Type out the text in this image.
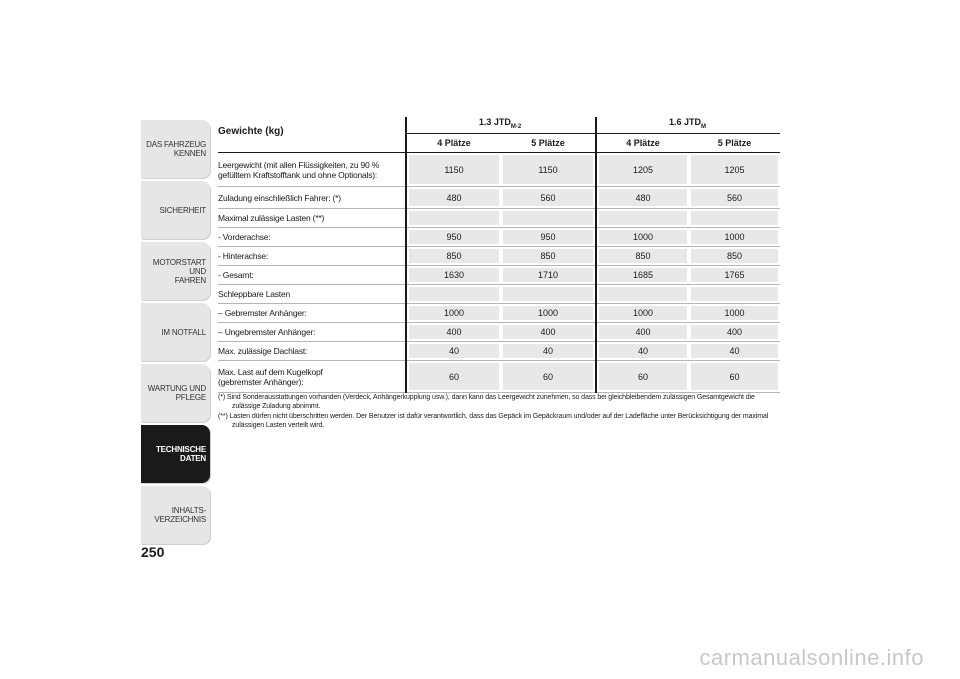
DAS FAHRZEUG
KENNEN
SICHERHEIT
MOTORSTART UND
FAHREN
IM NOTFALL
WARTUNG UND
PFLEGE
TECHNISCHE
DATEN
INHALTS-
VERZEICHNIS
250
Gewichte (kg)
1.3 $JTD_{M-2}$	1.6 $JTD_M$
4 Plätze	5 Plätze	4 Plätze	5 Plätze
Leergewicht (mit allen Flüssigkeiten, zu 90 %
gefülltem Kraftstofftank und ohne Optionals):	1150	1150	1205	1205
Zuladung einschließlich Fahrer: (*)	480	560	480	560
Maximal zulässige Lasten (**)
- Vorderachse:	950	950	1000	1000
- Hinterachse:	850	850	850	850
- Gesamt:	1630	1710	1685	1765
Schleppbare Lasten
– Gebremster Anhänger:	1000	1000	1000	1000
– Ungebremster Anhänger:	400	400	400	400
Max. zulässige Dachlast:	40	40	40	40
Max. Last auf dem Kugelkopf
(gebremster Anhänger):	60	60	60	60
(*) Sind Sonderausstattungen vorhanden (Verdeck, Anhängerkupplung usw.), dann kann das Leergewicht zunehmen, so dass bei gleichbleibendem zulässigen Gesamtgewicht die zulässige Zuladung abnimmt.
(**) Lasten dürfen nicht überschritten werden. Der Benutzer ist dafür verantwortlich, dass das Gepäck im Gepäckraum und/oder auf der Ladefläche unter Berücksichtigung der maximal zulässigen Lasten verteilt wird.
carmanualsonline.info
